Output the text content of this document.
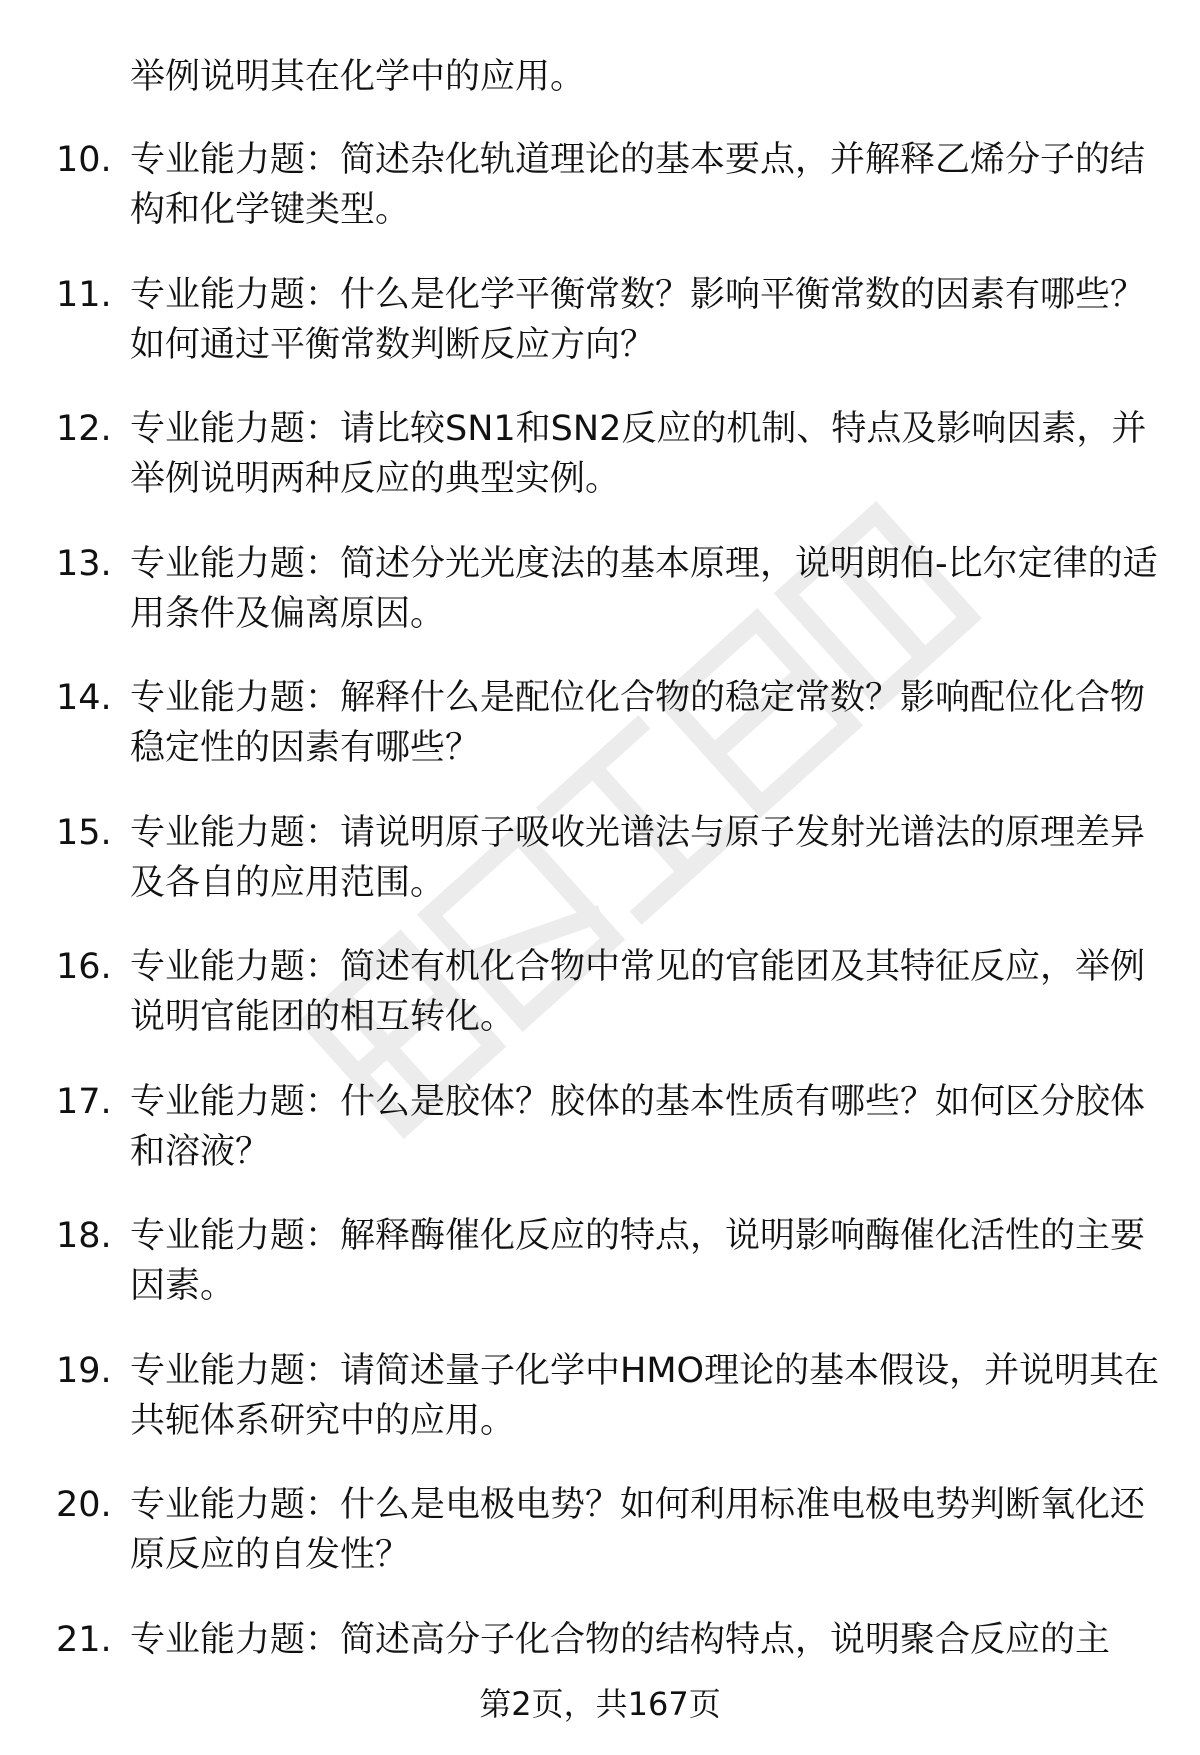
举例说明其在化学中的应用。

10. 专业能力题：简述杂化轨道理论的基本要点，并解释乙烯分子的结构和化学键类型。

11. 专业能力题：什么是化学平衡常数？影响平衡常数的因素有哪些？如何通过平衡常数判断反应方向？

12. 专业能力题：请比较SN1和SN2反应的机制、特点及影响因素，并举例说明两种反应的典型实例。

13. 专业能力题：简述分光光度法的基本原理，说明朗伯-比尔定律的适用条件及偏离原因。

14. 专业能力题：解释什么是配位化合物的稳定常数？影响配位化合物稳定性的因素有哪些？

15. 专业能力题：请说明原子吸收光谱法与原子发射光谱法的原理差异及各自的应用范围。

16. 专业能力题：简述有机化合物中常见的官能团及其特征反应，举例说明官能团的相互转化。

17. 专业能力题：什么是胶体？胶体的基本性质有哪些？如何区分胶体和溶液？

18. 专业能力题：解释酶催化反应的特点，说明影响酶催化活性的主要因素。

19. 专业能力题：请简述量子化学中HMO理论的基本假设，并说明其在共轭体系研究中的应用。

20. 专业能力题：什么是电极电势？如何利用标准电极电势判断氧化还原反应的自发性？

21. 专业能力题：简述高分子化合物的结构特点，说明聚合反应的主

第2页，共167页
